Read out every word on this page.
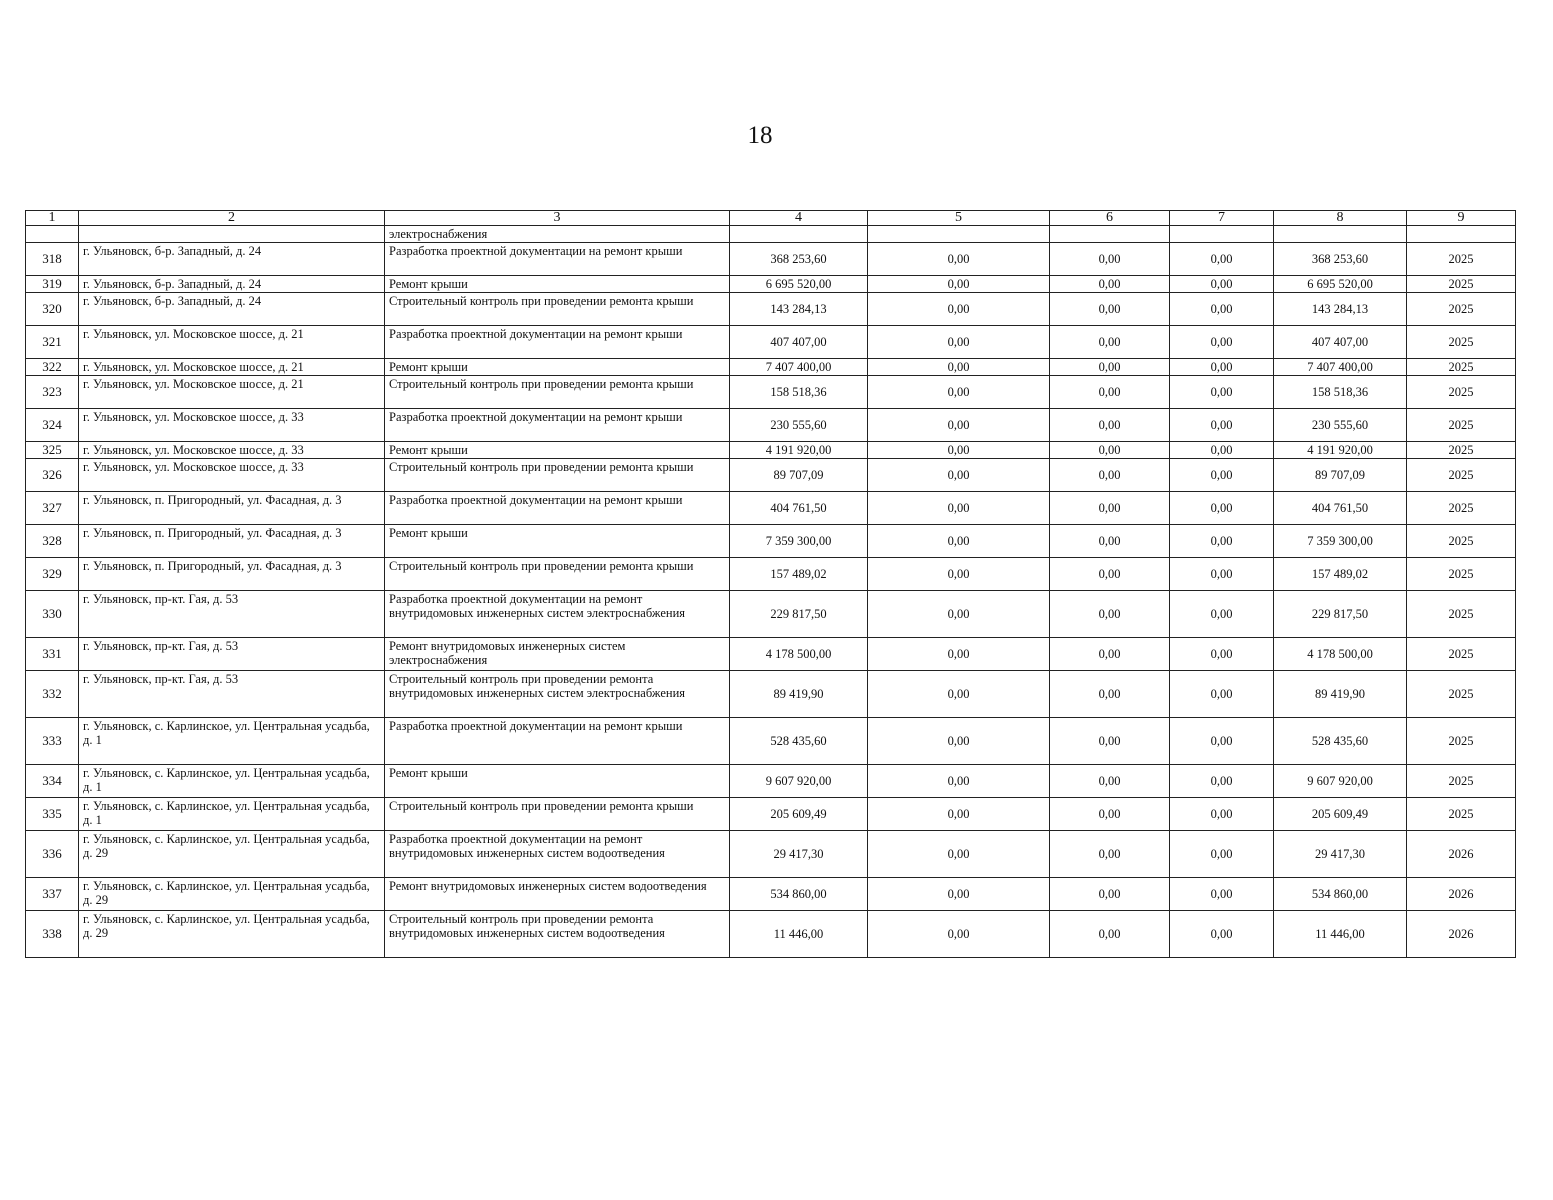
18
1	2	3	4	5	6	7	8	9
		электроснабжения						
318	г. Ульяновск, б-р. Западный, д. 24	Разработка проектной документации на ремонт крыши	368 253,60	0,00	0,00	0,00	368 253,60	2025
319	г. Ульяновск, б-р. Западный, д. 24	Ремонт крыши	6 695 520,00	0,00	0,00	0,00	6 695 520,00	2025
320	г. Ульяновск, б-р. Западный, д. 24	Строительный контроль при проведении ремонта крыши	143 284,13	0,00	0,00	0,00	143 284,13	2025
321	г. Ульяновск, ул. Московское шоссе, д. 21	Разработка проектной документации на ремонт крыши	407 407,00	0,00	0,00	0,00	407 407,00	2025
322	г. Ульяновск, ул. Московское шоссе, д. 21	Ремонт крыши	7 407 400,00	0,00	0,00	0,00	7 407 400,00	2025
323	г. Ульяновск, ул. Московское шоссе, д. 21	Строительный контроль при проведении ремонта крыши	158 518,36	0,00	0,00	0,00	158 518,36	2025
324	г. Ульяновск, ул. Московское шоссе, д. 33	Разработка проектной документации на ремонт крыши	230 555,60	0,00	0,00	0,00	230 555,60	2025
325	г. Ульяновск, ул. Московское шоссе, д. 33	Ремонт крыши	4 191 920,00	0,00	0,00	0,00	4 191 920,00	2025
326	г. Ульяновск, ул. Московское шоссе, д. 33	Строительный контроль при проведении ремонта крыши	89 707,09	0,00	0,00	0,00	89 707,09	2025
327	г. Ульяновск, п. Пригородный, ул. Фасадная, д. 3	Разработка проектной документации на ремонт крыши	404 761,50	0,00	0,00	0,00	404 761,50	2025
328	г. Ульяновск, п. Пригородный, ул. Фасадная, д. 3	Ремонт крыши	7 359 300,00	0,00	0,00	0,00	7 359 300,00	2025
329	г. Ульяновск, п. Пригородный, ул. Фасадная, д. 3	Строительный контроль при проведении ремонта крыши	157 489,02	0,00	0,00	0,00	157 489,02	2025
330	г. Ульяновск, пр-кт. Гая, д. 53	Разработка проектной документации на ремонт внутридомовых инженерных систем электроснабжения	229 817,50	0,00	0,00	0,00	229 817,50	2025
331	г. Ульяновск, пр-кт. Гая, д. 53	Ремонт внутридомовых инженерных систем электроснабжения	4 178 500,00	0,00	0,00	0,00	4 178 500,00	2025
332	г. Ульяновск, пр-кт. Гая, д. 53	Строительный контроль при проведении ремонта внутридомовых инженерных систем электроснабжения	89 419,90	0,00	0,00	0,00	89 419,90	2025
333	г. Ульяновск, с. Карлинское, ул. Центральная усадьба, д. 1	Разработка проектной документации на ремонт крыши	528 435,60	0,00	0,00	0,00	528 435,60	2025
334	г. Ульяновск, с. Карлинское, ул. Центральная усадьба, д. 1	Ремонт крыши	9 607 920,00	0,00	0,00	0,00	9 607 920,00	2025
335	г. Ульяновск, с. Карлинское, ул. Центральная усадьба, д. 1	Строительный контроль при проведении ремонта крыши	205 609,49	0,00	0,00	0,00	205 609,49	2025
336	г. Ульяновск, с. Карлинское, ул. Центральная усадьба, д. 29	Разработка проектной документации на ремонт внутридомовых инженерных систем водоотведения	29 417,30	0,00	0,00	0,00	29 417,30	2026
337	г. Ульяновск, с. Карлинское, ул. Центральная усадьба, д. 29	Ремонт внутридомовых инженерных систем водоотведения	534 860,00	0,00	0,00	0,00	534 860,00	2026
338	г. Ульяновск, с. Карлинское, ул. Центральная усадьба, д. 29	Строительный контроль при проведении ремонта внутридомовых инженерных систем водоотведения	11 446,00	0,00	0,00	0,00	11 446,00	2026
